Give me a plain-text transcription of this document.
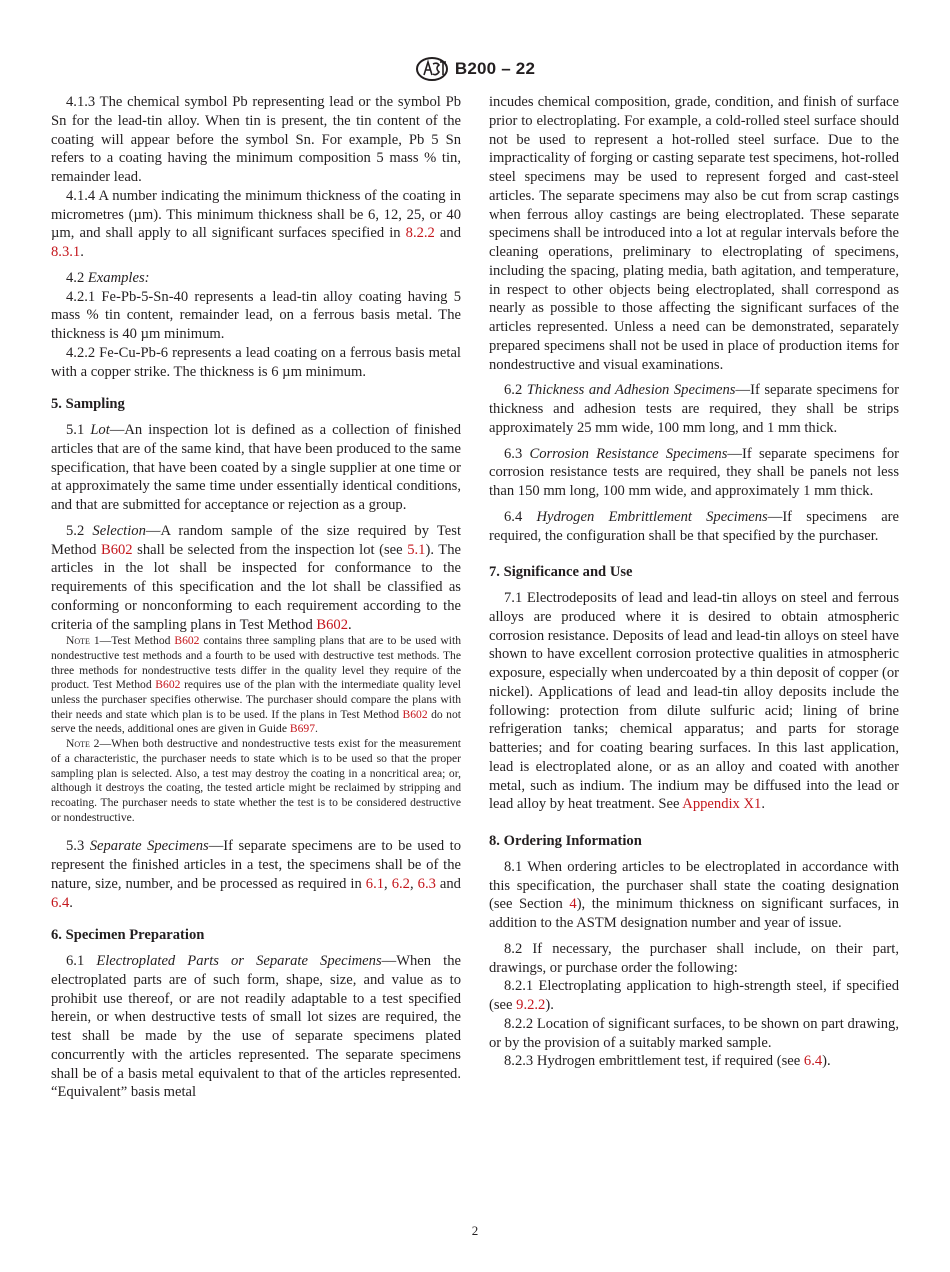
B200 – 22

4.1.3 The chemical symbol Pb representing lead or the symbol Pb Sn for the lead-tin alloy. When tin is present, the tin content of the coating will appear before the symbol Sn. For example, Pb 5 Sn refers to a coating having the minimum composition 5 mass % tin, remainder lead.

4.1.4 A number indicating the minimum thickness of the coating in micrometres (µm). This minimum thickness shall be 6, 12, 25, or 40 µm, and shall apply to all significant surfaces specified in 8.2.2 and 8.3.1.

4.2 Examples:

4.2.1 Fe-Pb-5-Sn-40 represents a lead-tin alloy coating having 5 mass % tin content, remainder lead, on a ferrous basis metal. The thickness is 40 µm minimum.

4.2.2 Fe-Cu-Pb-6 represents a lead coating on a ferrous basis metal with a copper strike. The thickness is 6 µm minimum.

5. Sampling

5.1 Lot—An inspection lot is defined as a collection of finished articles that are of the same kind, that have been produced to the same specification, that have been coated by a single supplier at one time or at approximately the same time under essentially identical conditions, and that are submitted for acceptance or rejection as a group.

5.2 Selection—A random sample of the size required by Test Method B602 shall be selected from the inspection lot (see 5.1). The articles in the lot shall be inspected for conformance to the requirements of this specification and the lot shall be classified as conforming or nonconforming to each requirement according to the criteria of the sampling plans in Test Method B602.

Note 1—Test Method B602 contains three sampling plans that are to be used with nondestructive test methods and a fourth to be used with destructive test methods. The three methods for nondestructive tests differ in the quality level they require of the product. Test Method B602 requires use of the plan with the intermediate quality level unless the purchaser specifies otherwise. The purchaser should compare the plans with their needs and state which plan is to be used. If the plans in Test Method B602 do not serve the needs, additional ones are given in Guide B697.

Note 2—When both destructive and nondestructive tests exist for the measurement of a characteristic, the purchaser needs to state which is to be used so that the proper sampling plan is selected. Also, a test may destroy the coating in a noncritical area; or, although it destroys the coating, the tested article might be reclaimed by stripping and recoating. The purchaser needs to state whether the test is to be considered destructive or nondestructive.

5.3 Separate Specimens—If separate specimens are to be used to represent the finished articles in a test, the specimens shall be of the nature, size, number, and be processed as required in 6.1, 6.2, 6.3 and 6.4.

6. Specimen Preparation

6.1 Electroplated Parts or Separate Specimens—When the electroplated parts are of such form, shape, size, and value as to prohibit use thereof, or are not readily adaptable to a test specified herein, or when destructive tests of small lot sizes are required, the test shall be made by the use of separate specimens plated concurrently with the articles represented. The separate specimens shall be of a basis metal equivalent to that of the articles represented. “Equivalent” basis metal

incudes chemical composition, grade, condition, and finish of surface prior to electroplating. For example, a cold-rolled steel surface should not be used to represent a hot-rolled steel surface. Due to the impracticality of forging or casting separate test specimens, hot-rolled steel specimens may be used to represent forged and cast-steel articles. The separate specimens may also be cut from scrap castings when ferrous alloy castings are being electroplated. These separate specimens shall be introduced into a lot at regular intervals before the cleaning operations, preliminary to electroplating of specimens, including the spacing, plating media, bath agitation, and temperature, in respect to other objects being electroplated, shall correspond as nearly as possible to those affecting the significant surfaces of the articles represented. Unless a need can be demonstrated, separately prepared specimens shall not be used in place of production items for nondestructive and visual examinations.

6.2 Thickness and Adhesion Specimens—If separate specimens for thickness and adhesion tests are required, they shall be strips approximately 25 mm wide, 100 mm long, and 1 mm thick.

6.3 Corrosion Resistance Specimens—If separate specimens for corrosion resistance tests are required, they shall be panels not less than 150 mm long, 100 mm wide, and approximately 1 mm thick.

6.4 Hydrogen Embrittlement Specimens—If specimens are required, the configuration shall be that specified by the purchaser.

7. Significance and Use

7.1 Electrodeposits of lead and lead-tin alloys on steel and ferrous alloys are produced where it is desired to obtain atmospheric corrosion resistance. Deposits of lead and lead-tin alloys on steel have shown to have excellent corrosion protective qualities in atmospheric exposure, especially when undercoated by a thin deposit of copper (or nickel). Applications of lead and lead-tin alloy deposits include the following: protection from dilute sulfuric acid; lining of brine refrigeration tanks; chemical apparatus; and parts for storage batteries; and for coating bearing surfaces. In this last application, lead is electroplated alone, or as an alloy and coated with another metal, such as indium. The indium may be diffused into the lead or lead alloy by heat treatment. See Appendix X1.

8. Ordering Information

8.1 When ordering articles to be electroplated in accordance with this specification, the purchaser shall state the coating designation (see Section 4), the minimum thickness on significant surfaces, in addition to the ASTM designation number and year of issue.

8.2 If necessary, the purchaser shall include, on their part, drawings, or purchase order the following:

8.2.1 Electroplating application to high-strength steel, if specified (see 9.2.2).

8.2.2 Location of significant surfaces, to be shown on part drawing, or by the provision of a suitably marked sample.

8.2.3 Hydrogen embrittlement test, if required (see 6.4).

2
